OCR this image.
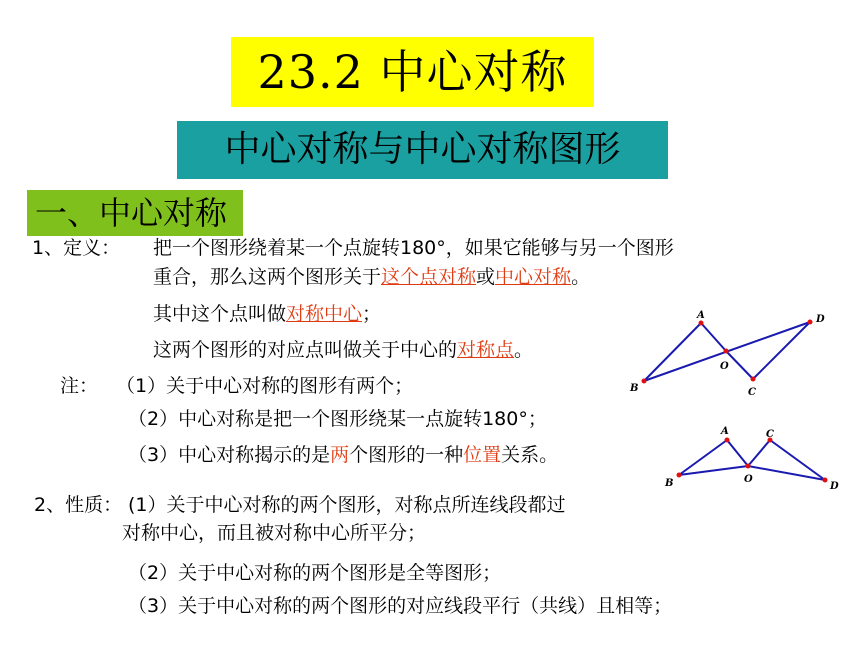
23.2 中心对称
中心对称与中心对称图形
一、中心对称
1、定义： 把一个图形绕着某一个点旋转180°，如果它能够与另一个图形
重合，那么这两个图形关于这个点对称或中心对称。
其中这个点叫做对称中心；
这两个图形的对应点叫做关于中心的对称点。
注： （1）关于中心对称的图形有两个；
（2）中心对称是把一个图形绕某一点旋转180°；
（3）中心对称揭示的是两个图形的一种位置关系。
2、性质： (1）关于中心对称的两个图形，对称点所连线段都过
对称中心，而且被对称中心所平分；
（2）关于中心对称的两个图形是全等图形；
（3）关于中心对称的两个图形的对应线段平行（共线）且相等；
A	D
O
B	C
A	C
O
B	D
